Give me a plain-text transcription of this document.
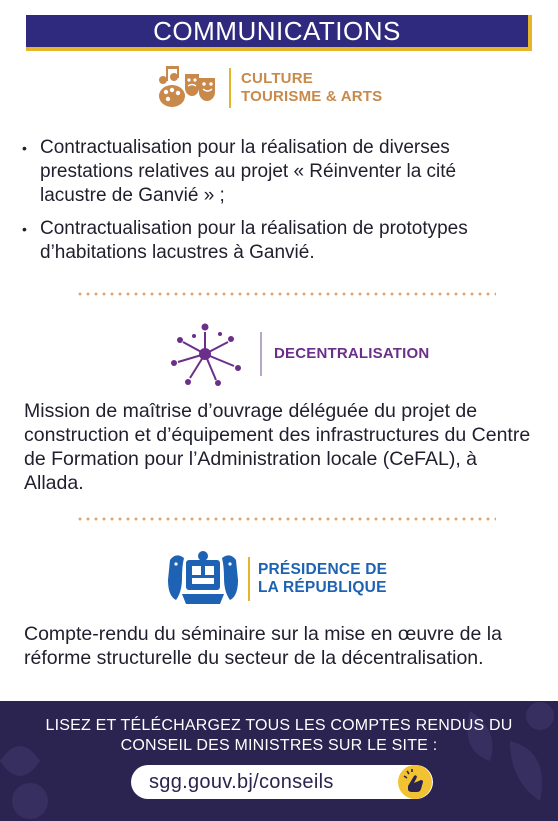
COMMUNICATIONS
CULTURE
TOURISME & ARTS
• Contractualisation pour la réalisation de diverses prestations relatives au projet « Réinventer la cité lacustre de Ganvié » ;
• Contractualisation pour la réalisation de prototypes d’habitations lacustres à Ganvié.
DECENTRALISATION
Mission de maîtrise d’ouvrage déléguée du projet de construction et d’équipement des infrastructures du Centre de Formation pour l’Administration locale (CeFAL), à Allada.
PRÉSIDENCE DE
LA RÉPUBLIQUE
Compte-rendu du séminaire sur la mise en œuvre de la réforme structurelle du secteur de la décentralisation.
LISEZ ET TÉLÉCHARGEZ TOUS LES COMPTES RENDUS DU
CONSEIL DES MINISTRES SUR LE SITE :
sgg.gouv.bj/conseils
